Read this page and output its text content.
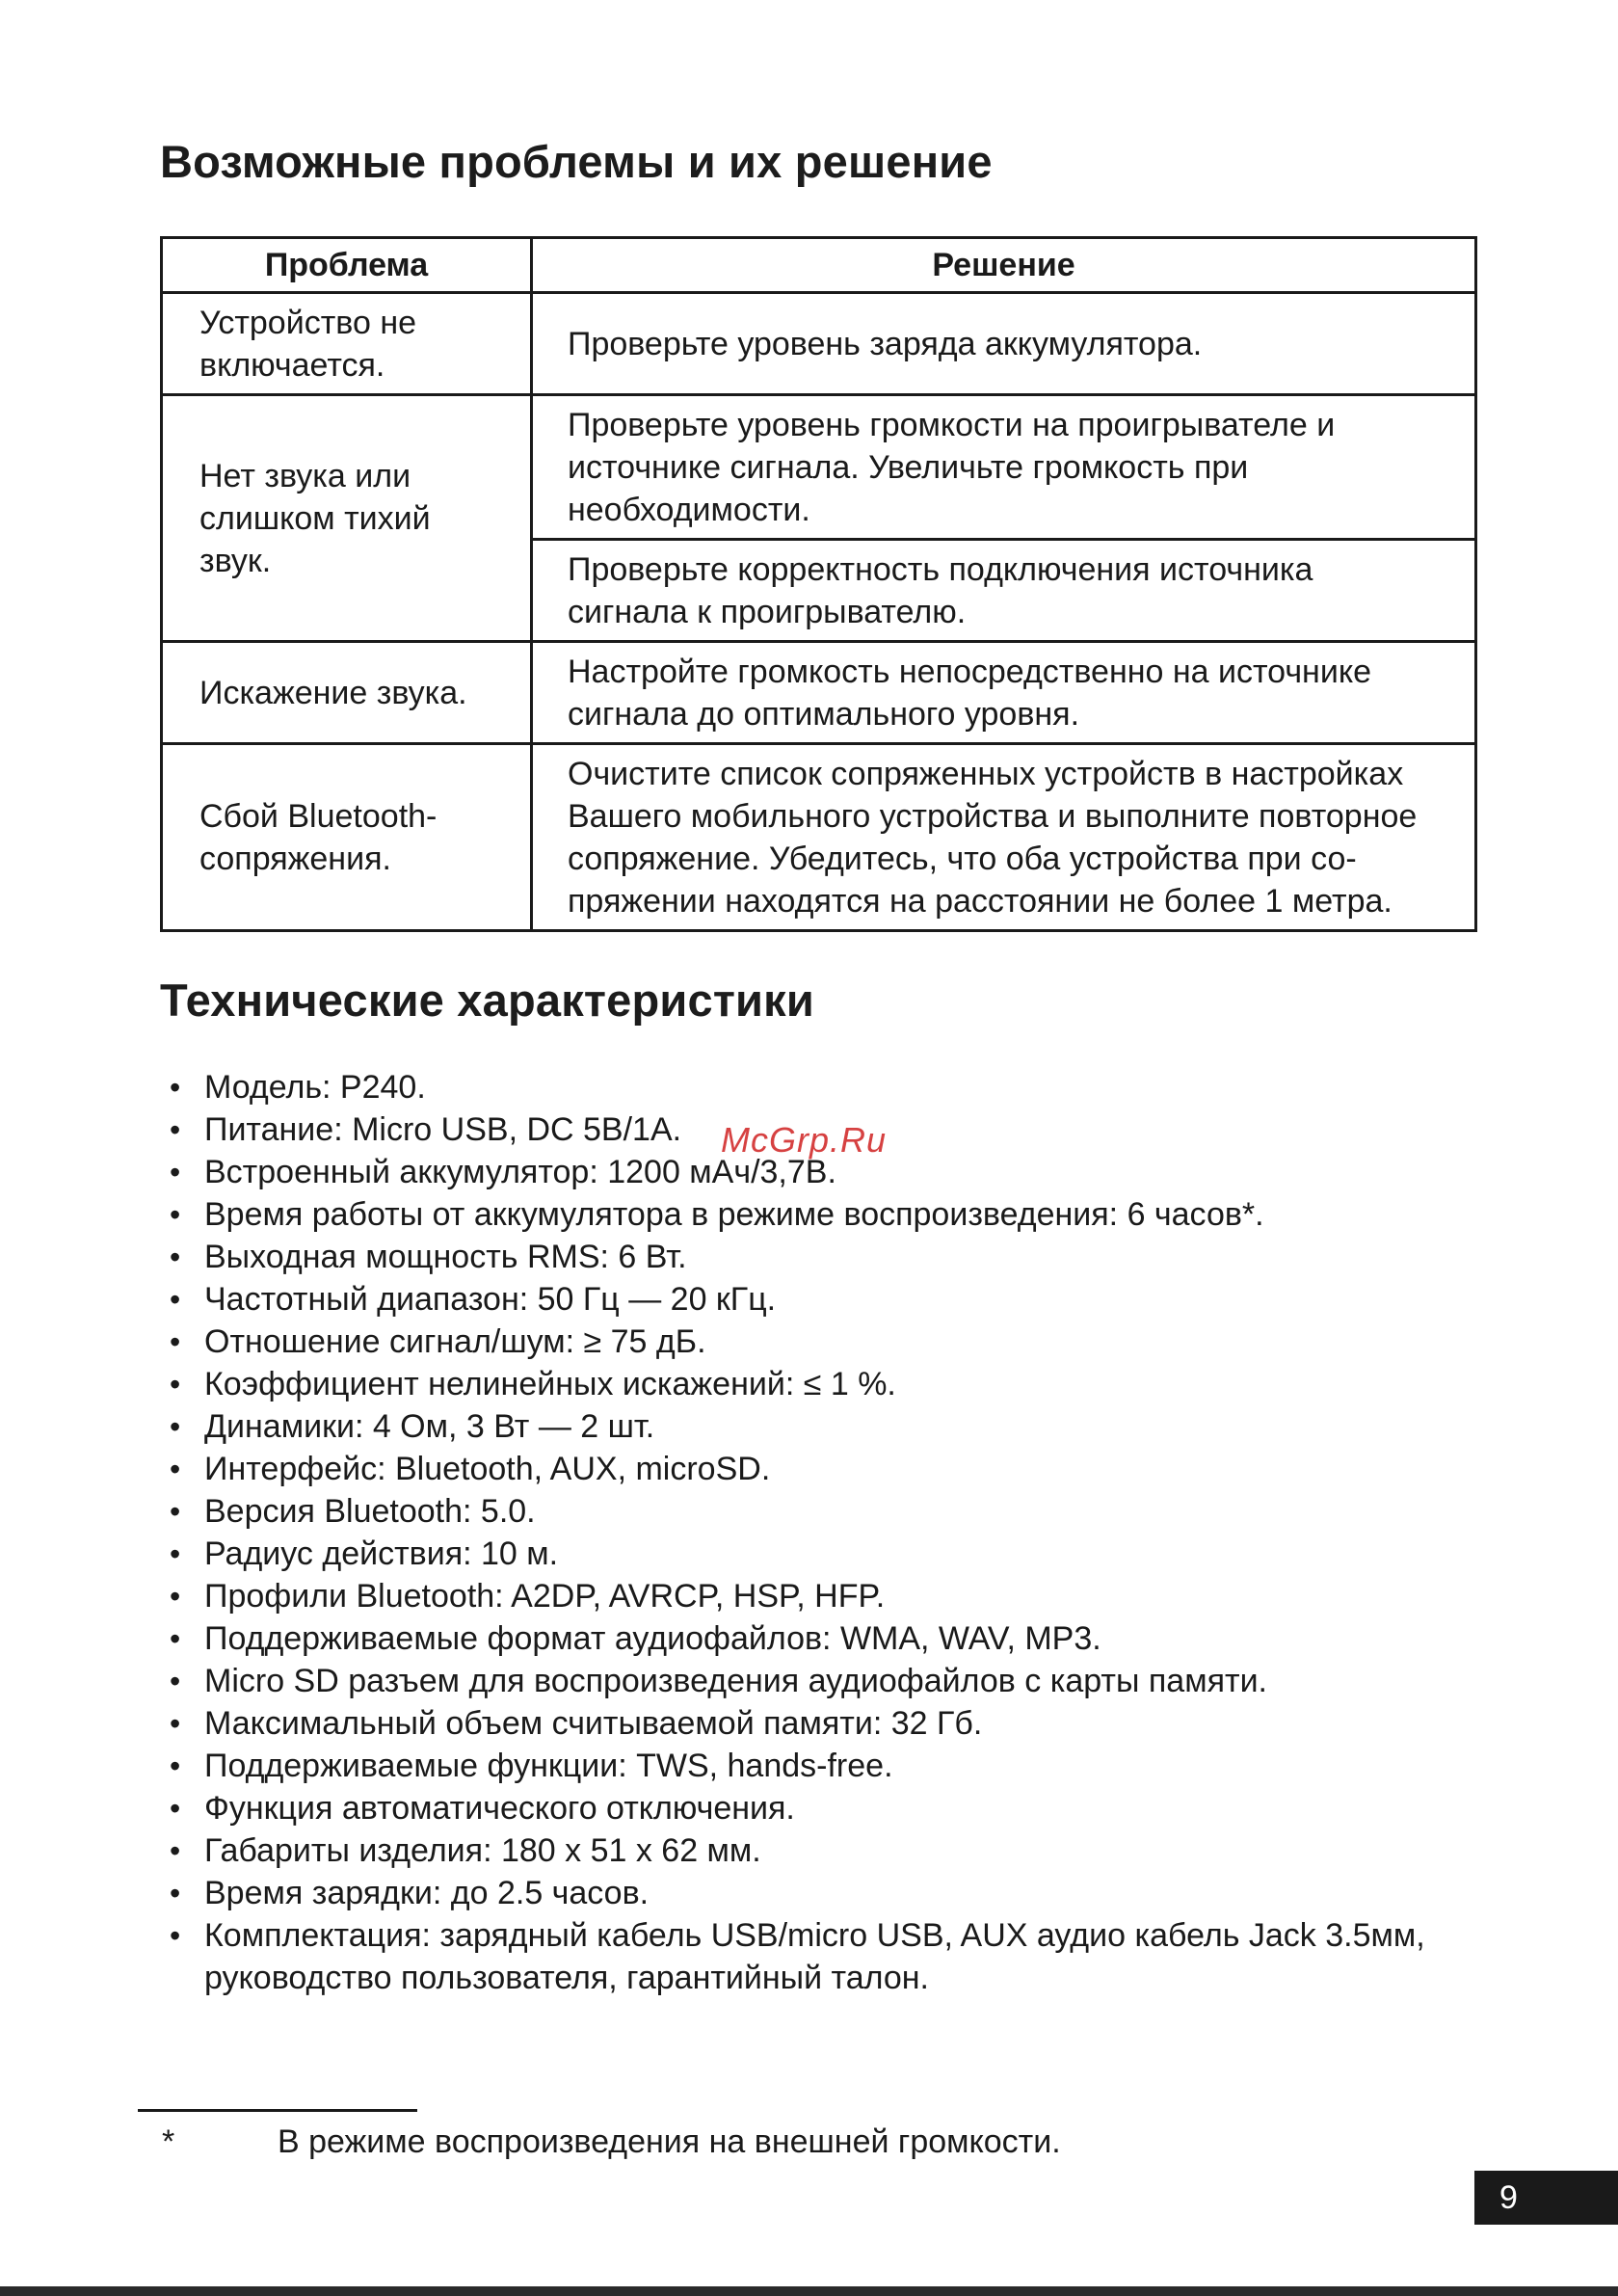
Возможные проблемы и их решение
Проблема	Решение
Устройство не включается.	Проверьте уровень заряда аккумулятора.
Нет звука или слишком тихий звук.	Проверьте уровень громкости на проигрывателе и источнике сигнала. Увеличьте громкость при необходимости.
	Проверьте корректность подключения источника сигнала к проигрывателю.
Искажение звука.	Настройте громкость непосредственно на источнике сигнала до оптимального уровня.
Сбой Bluetooth-сопряжения.	Очистите список сопряженных устройств в настройках Вашего мобильного устройства и выполните повторное сопряжение. Убедитесь, что оба устройства при со-пряжении находятся на расстоянии не более 1 метра.
Технические характеристики
• Модель: P240.
• Питание: Micro USB, DC 5В/1А.
• Встроенный аккумулятор: 1200 мАч/3,7В.
• Время работы от аккумулятора в режиме воспроизведения: 6 часов*.
• Выходная мощность RMS: 6 Вт.
• Частотный диапазон: 50 Гц — 20 кГц.
• Отношение сигнал/шум: ≥ 75 дБ.
• Коэффициент нелинейных искажений: ≤ 1 %.
• Динамики: 4 Ом, 3 Вт — 2 шт.
• Интерфейс: Bluetooth, AUX, microSD.
• Версия Bluetooth: 5.0.
• Радиус действия: 10 м.
• Профили Bluetooth: A2DP, AVRCP, HSP, HFP.
• Поддерживаемые формат аудиофайлов: WMA, WAV, MP3.
• Micro SD разъем для воспроизведения аудиофайлов с карты памяти.
• Максимальный объем считываемой памяти: 32 Гб.
• Поддерживаемые функции: TWS, hands-free.
• Функция автоматического отключения.
• Габариты изделия: 180 x 51 x 62 мм.
• Время зарядки: до 2.5 часов.
• Комплектация: зарядный кабель USB/micro USB, AUX аудио кабель Jack 3.5мм, руководство пользователя, гарантийный талон.
McGrp.Ru
*	В режиме воспроизведения на внешней громкости.
9
